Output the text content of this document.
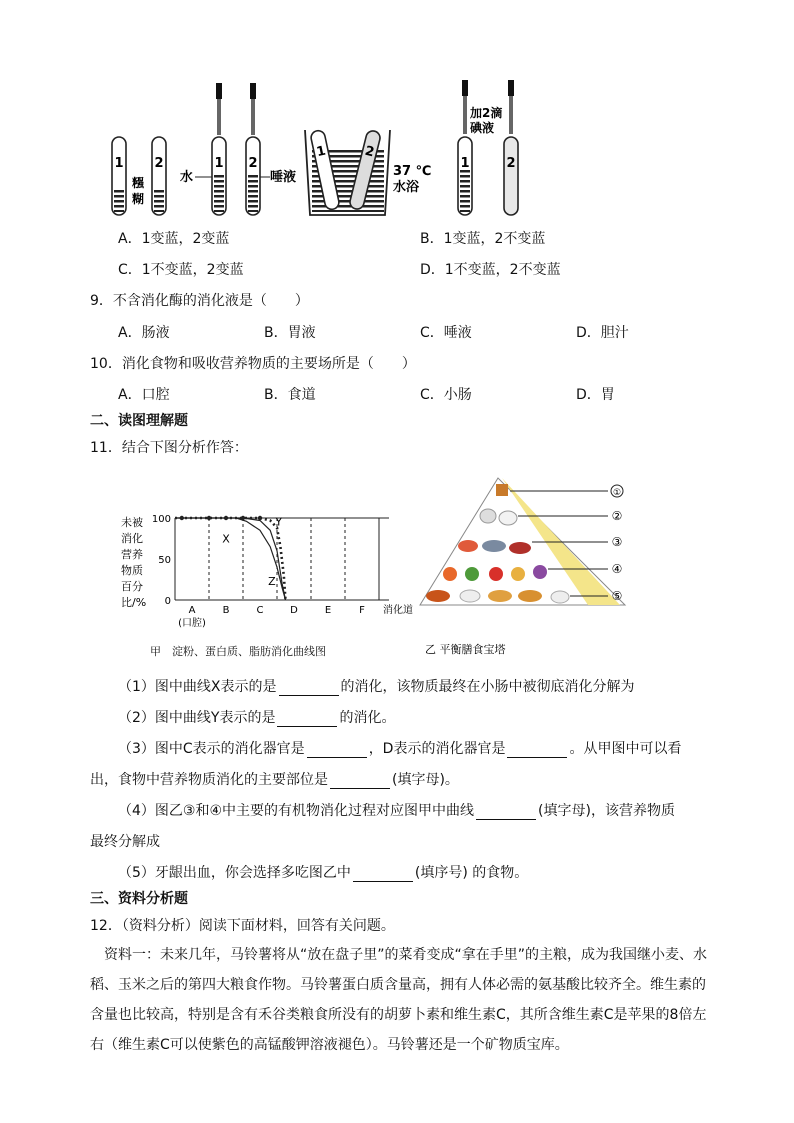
1 2
糨
糊
1 2
水	唾液
1	2
37 ℃
水浴
加2滴
碘液
1	2
A．1变蓝，2变蓝	B．1变蓝，2不变蓝
C．1不变蓝，2变蓝	D．1不变蓝，2不变蓝
9．不含消化酶的消化液是（　　）
A．肠液	B．胃液	C．唾液	D．胆汁
10．消化食物和吸收营养物质的主要场所是（　　）
A．口腔	B．食道	C．小肠	D．胃
二、读图理解题
11．结合下图分析作答：
未被
消化
营养
物质
百分
比/%
100
50
0
A	B	C	D	E	F
(口腔)
消化道
X
Y
Z
①
②
③
④
⑤
乙 平衡膳食宝塔
甲　淀粉、蛋白质、脂肪消化曲线图
（1）图中曲线X表示的是	的消化，该物质最终在小肠中被彻底消化分解为
（2）图中曲线Y表示的是	的消化。
（3）图中C表示的消化器官是	，D表示的消化器官是	。从甲图中可以看
出，食物中营养物质消化的主要部位是	(填字母)。
（4）图乙③和④中主要的有机物消化过程对应图甲中曲线	(填字母)，该营养物质
最终分解成
（5）牙龈出血，你会选择多吃图乙中	(填序号) 的食物。
三、资料分析题
12．（资料分析）阅读下面材料，回答有关问题。
资料一：未来几年，马铃薯将从“放在盘子里”的菜肴变成“拿在手里”的主粮，成为我国继小麦、水稻、玉米之后的第四大粮食作物。马铃薯蛋白质含量高，拥有人体必需的氨基酸比较齐全。维生素的含量也比较高，特别是含有禾谷类粮食所没有的胡萝卜素和维生素C，其所含维生素C是苹果的8倍左右（维生素C可以使紫色的高锰酸钾溶液褪色）。马铃薯还是一个矿物质宝库。
